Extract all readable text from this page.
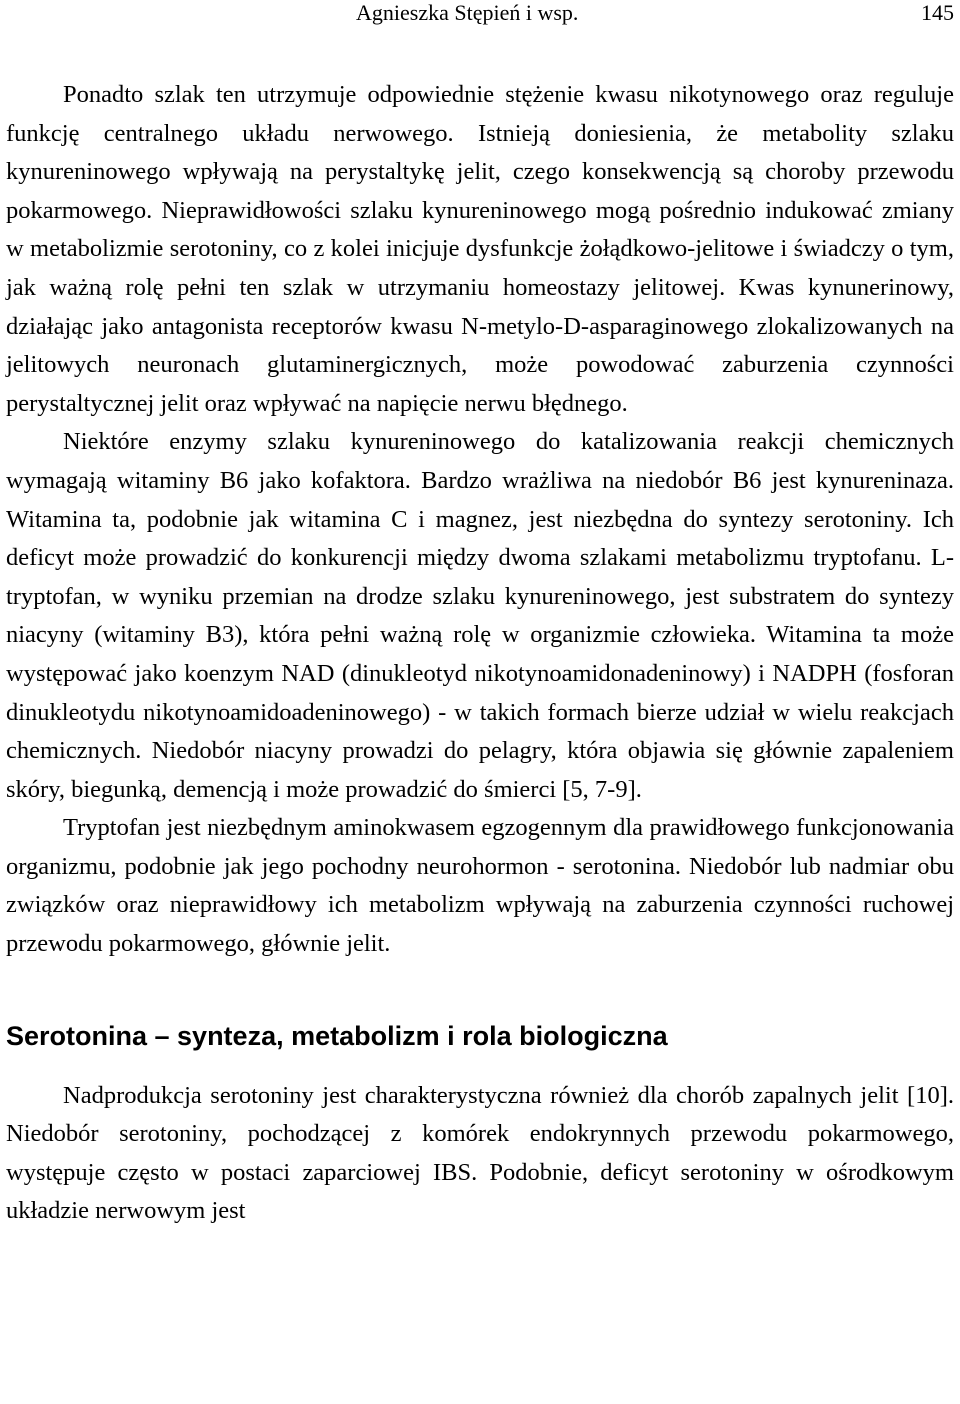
Agnieszka Stępień i wsp.	145

Ponadto szlak ten utrzymuje odpowiednie stężenie kwasu nikotynowego oraz reguluje funkcję centralnego układu nerwowego. Istnieją doniesienia, że metabolity szlaku kynureninowego wpływają na perystaltykę jelit, czego konsekwencją są choroby przewodu pokarmowego. Nieprawidłowości szlaku kynureninowego mogą pośrednio indukować zmiany w metabolizmie serotoniny, co z kolei inicjuje dysfunkcje żołądkowo-jelitowe i świadczy o tym, jak ważną rolę pełni ten szlak w utrzymaniu homeostazy jelitowej. Kwas kynunerinowy, działając jako antagonista receptorów kwasu N-metylo-D-asparaginowego zlokalizowanych na jelitowych neuronach glutaminergicznych, może powodować zaburzenia czynności perystaltycznej jelit oraz wpływać na napięcie nerwu błędnego.

Niektóre enzymy szlaku kynureninowego do katalizowania reakcji chemicznych wymagają witaminy B6 jako kofaktora. Bardzo wrażliwa na niedobór B6 jest kynureninaza. Witamina ta, podobnie jak witamina C i magnez, jest niezbędna do syntezy serotoniny. Ich deficyt może prowadzić do konkurencji między dwoma szlakami metabolizmu tryptofanu. L-tryptofan, w wyniku przemian na drodze szlaku kynureninowego, jest substratem do syntezy niacyny (witaminy B3), która pełni ważną rolę w organizmie człowieka. Witamina ta może występować jako koenzym NAD (dinukleotyd nikotynoamidonadeninowy) i NADPH (fosforan dinukleotydu nikotynoamidoadeninowego) - w takich formach bierze udział w wielu reakcjach chemicznych. Niedobór niacyny prowadzi do pelagry, która objawia się głównie zapaleniem skóry, biegunką, demencją i może prowadzić do śmierci [5, 7-9].

Tryptofan jest niezbędnym aminokwasem egzogennym dla prawidłowego funkcjonowania organizmu, podobnie jak jego pochodny neurohormon - serotonina. Niedobór lub nadmiar obu związków oraz nieprawidłowy ich metabolizm wpływają na zaburzenia czynności ruchowej przewodu pokarmowego, głównie jelit.

Serotonina – synteza, metabolizm i rola biologiczna

Nadprodukcja serotoniny jest charakterystyczna również dla chorób zapalnych jelit [10]. Niedobór serotoniny, pochodzącej z komórek endokrynnych przewodu pokarmowego, występuje często w postaci zaparciowej IBS. Podobnie, deficyt serotoniny w ośrodkowym układzie nerwowym jest
